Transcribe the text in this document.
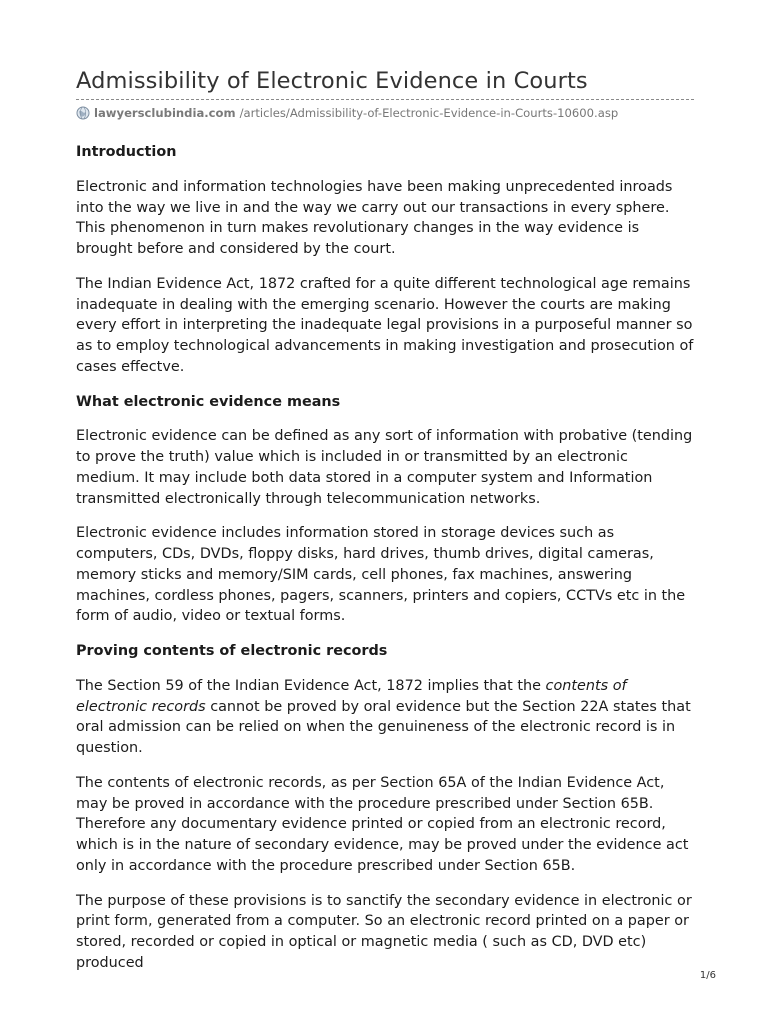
Admissibility of Electronic Evidence in Courts
lawyersclubindia.com /articles/Admissibility-of-Electronic-Evidence-in-Courts-10600.asp
Introduction

Electronic and information technologies have been making unprecedented inroads into the way we live in and the way we carry out our transactions in every sphere. This phenomenon in turn makes revolutionary changes in the way evidence is brought before and considered by the court.

The Indian Evidence Act, 1872 crafted for a quite different technological age remains inadequate in dealing with the emerging scenario. However the courts are making every effort in interpreting the inadequate legal provisions in a purposeful manner so as to employ technological advancements in making investigation and prosecution of cases effectve.

What electronic evidence means

Electronic evidence can be defined as any sort of information with probative (tending to prove the truth) value which is included in or transmitted by an electronic medium. It may include both data stored in a computer system and Information transmitted electronically through telecommunication networks.

Electronic evidence includes information stored in storage devices such as computers, CDs, DVDs, floppy disks, hard drives, thumb drives, digital cameras, memory sticks and memory/SIM cards, cell phones, fax machines, answering machines, cordless phones, pagers, scanners, printers and copiers, CCTVs etc in the form of audio, video or textual forms.

Proving contents of electronic records

The Section 59 of the Indian Evidence Act, 1872 implies that the contents of electronic records cannot be proved by oral evidence but the Section 22A states that oral admission can be relied on when the genuineness of the electronic record is in question.

The contents of electronic records, as per Section 65A of the Indian Evidence Act, may be proved in accordance with the procedure prescribed under Section 65B. Therefore any documentary evidence printed or copied from an electronic record, which is in the nature of secondary evidence, may be proved under the evidence act only in accordance with the procedure prescribed under Section 65B.

The purpose of these provisions is to sanctify the secondary evidence in electronic or print form, generated from a computer. So an electronic record printed on a paper or stored, recorded or copied in optical or magnetic media ( such as CD, DVD etc) produced

1/6
